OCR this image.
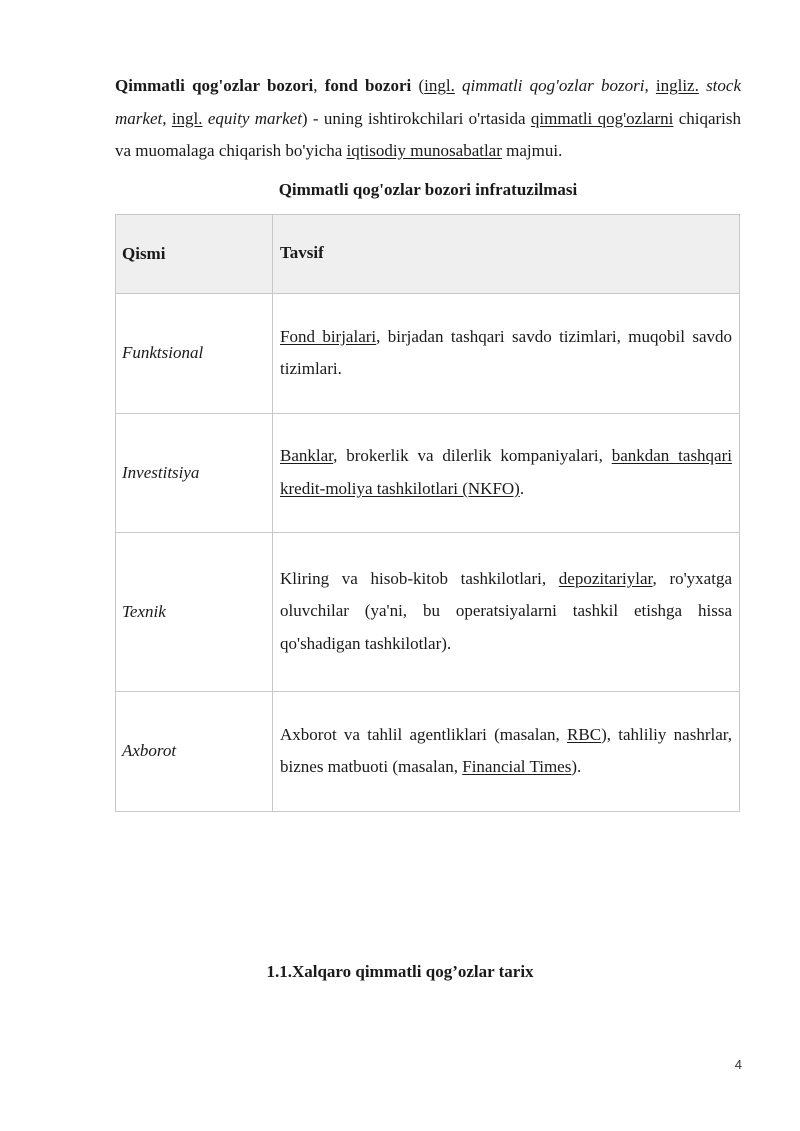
Qimmatli qog'ozlar bozori, fond bozori (ingl. qimmatli qog'ozlar bozori, ingliz. stock market, ingl. equity market) - uning ishtirokchilari o'rtasida qimmatli qog'ozlarni chiqarish va muomalaga chiqarish bo'yicha iqtisodiy munosabatlar majmui.

Qimmatli qog'ozlar bozori infratuzilmasi
Qismi	Tavsif
Funktsional	Fond birjalari, birjadan tashqari savdo tizimlari, muqobil savdo tizimlari.
Investitsiya	Banklar, brokerlik va dilerlik kompaniyalari, bankdan tashqari kredit-moliya tashkilotlari (NKFO).
Texnik	Kliring va hisob-kitob tashkilotlari, depozitariylar, ro'yxatga oluvchilar (ya'ni, bu operatsiyalarni tashkil etishga hissa qo'shadigan tashkilotlar).
Axborot	Axborot va tahlil agentliklari (masalan, RBC), tahliliy nashrlar, biznes matbuoti (masalan, Financial Times).
1.1.Xalqaro qimmatli qog’ozlar tarix
4
